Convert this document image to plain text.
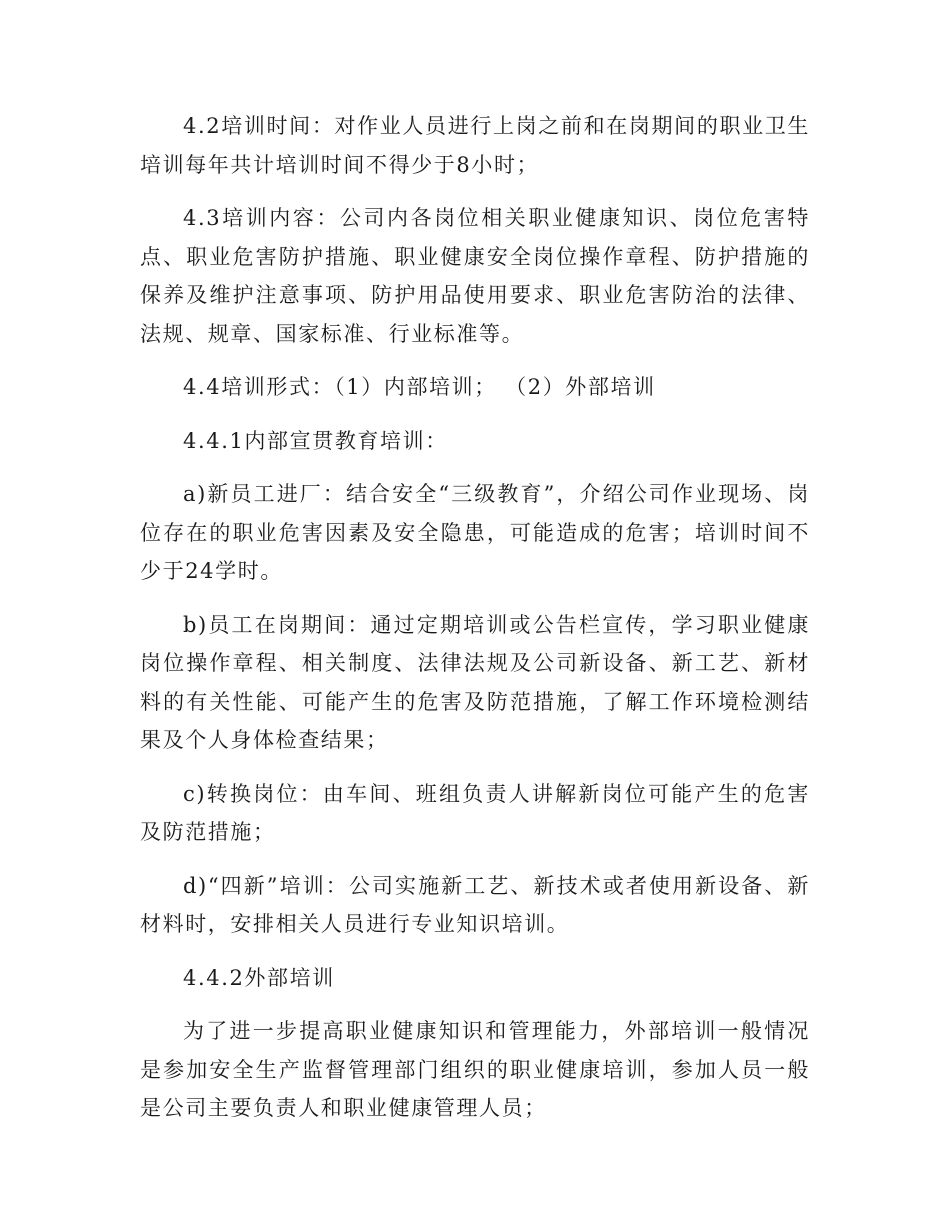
4.2培训时间：对作业人员进行上岗之前和在岗期间的职业卫生培训每年共计培训时间不得少于8小时；

4.3培训内容：公司内各岗位相关职业健康知识、岗位危害特点、职业危害防护措施、职业健康安全岗位操作章程、防护措施的保养及维护注意事项、防护用品使用要求、职业危害防治的法律、法规、规章、国家标准、行业标准等。

4.4培训形式：（1）内部培训； （2）外部培训

4.4.1内部宣贯教育培训：

a)新员工进厂：结合安全“三级教育”，介绍公司作业现场、岗位存在的职业危害因素及安全隐患，可能造成的危害；培训时间不少于24学时。

b)员工在岗期间：通过定期培训或公告栏宣传，学习职业健康岗位操作章程、相关制度、法律法规及公司新设备、新工艺、新材料的有关性能、可能产生的危害及防范措施，了解工作环境检测结果及个人身体检查结果；

c)转换岗位：由车间、班组负责人讲解新岗位可能产生的危害及防范措施；

d)“四新”培训：公司实施新工艺、新技术或者使用新设备、新材料时，安排相关人员进行专业知识培训。

4.4.2外部培训

为了进一步提高职业健康知识和管理能力，外部培训一般情况是参加安全生产监督管理部门组织的职业健康培训，参加人员一般是公司主要负责人和职业健康管理人员；
